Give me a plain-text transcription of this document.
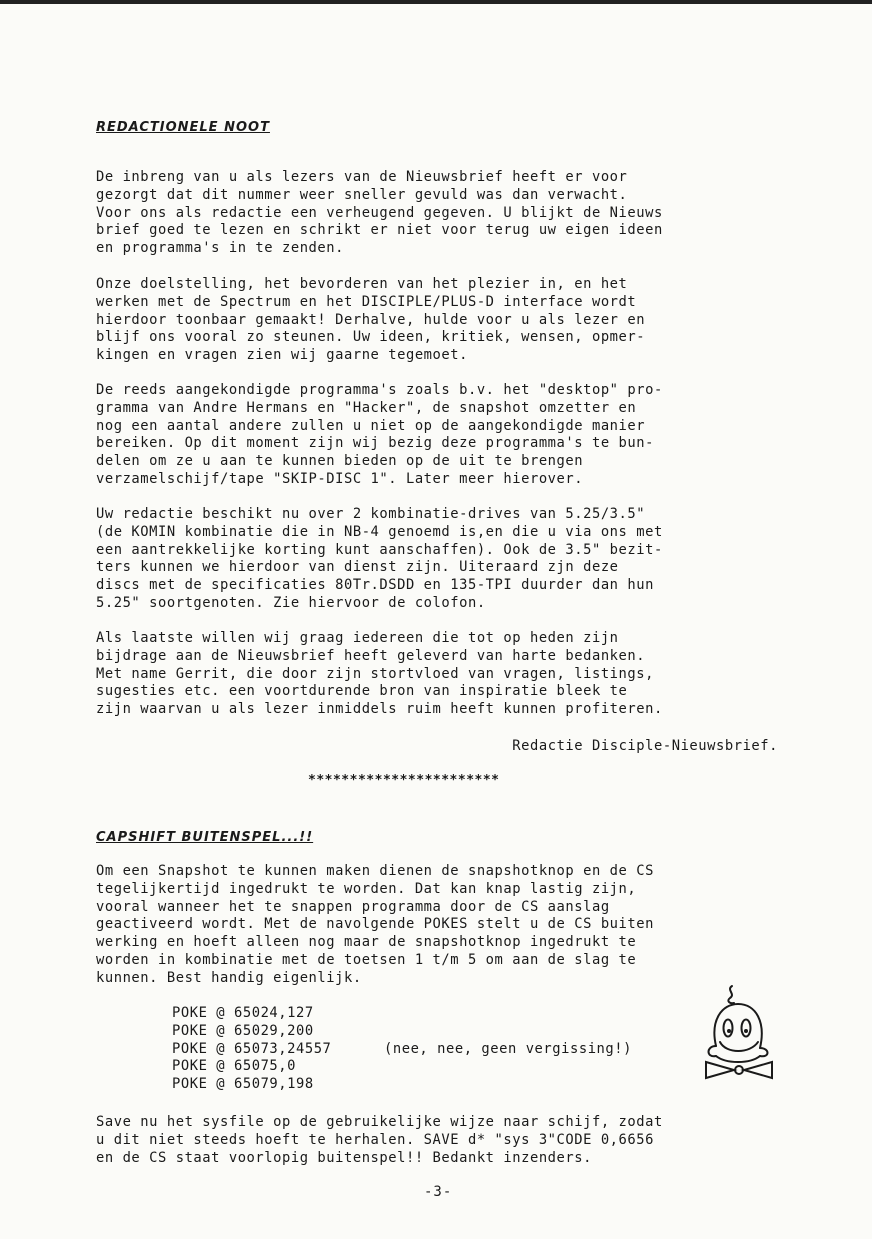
REDACTIONELE NOOT
De inbreng van u als lezers van de Nieuwsbrief heeft er voor
gezorgt dat dit nummer weer sneller gevuld was dan verwacht.
Voor ons als redactie een verheugend gegeven. U blijkt de Nieuws
brief goed te lezen en schrikt er niet voor terug uw eigen ideen
en programma's in te zenden.
Onze doelstelling, het bevorderen van het plezier in, en het
werken met de Spectrum en het DISCIPLE/PLUS-D interface wordt
hierdoor toonbaar gemaakt! Derhalve, hulde voor u als lezer en
blijf ons vooral zo steunen. Uw ideen, kritiek, wensen, opmer-
kingen en vragen zien wij gaarne tegemoet.
De reeds aangekondigde programma's zoals b.v. het "desktop" pro-
gramma van Andre Hermans en "Hacker", de snapshot omzetter en
nog een aantal andere zullen u niet op de aangekondigde manier
bereiken. Op dit moment zijn wij bezig deze programma's te bun-
delen om ze u aan te kunnen bieden op de uit te brengen
verzamelschijf/tape "SKIP-DISC 1". Later meer hierover.
Uw redactie beschikt nu over 2 kombinatie-drives van 5.25/3.5"
(de KOMIN kombinatie die in NB-4 genoemd is,en die u via ons met
een aantrekkelijke korting kunt aanschaffen). Ook de 3.5" bezit-
ters kunnen we hierdoor van dienst zijn. Uiteraard zjn deze
discs met de specificaties 80Tr.DSDD en 135-TPI duurder dan hun
5.25" soortgenoten. Zie hiervoor de colofon.
Als laatste willen wij graag iedereen die tot op heden zijn
bijdrage aan de Nieuwsbrief heeft geleverd van harte bedanken.
Met name Gerrit, die door zijn stortvloed van vragen, listings,
sugesties etc. een voortdurende bron van inspiratie bleek te
zijn waarvan u als lezer inmiddels ruim heeft kunnen profiteren.
Redactie Disciple-Nieuwsbrief.
***********************
CAPSHIFT BUITENSPEL...!!
Om een Snapshot te kunnen maken dienen de snapshotknop en de CS
tegelijkertijd ingedrukt te worden. Dat kan knap lastig zijn,
vooral wanneer het te snappen programma door de CS aanslag
geactiveerd wordt. Met de navolgende POKES stelt u de CS buiten
werking en hoeft alleen nog maar de snapshotknop ingedrukt te
worden in kombinatie met de toetsen 1 t/m 5 om aan de slag te
kunnen. Best handig eigenlijk.
POKE @ 65024,127
POKE @ 65029,200
POKE @ 65073,24557
POKE @ 65075,0
POKE @ 65079,198
(nee, nee, geen vergissing!)
Save nu het sysfile op de gebruikelijke wijze naar schijf, zodat
u dit niet steeds hoeft te herhalen. SAVE d* "sys 3"CODE 0,6656
en de CS staat voorlopig buitenspel!! Bedankt inzenders.
-3-
